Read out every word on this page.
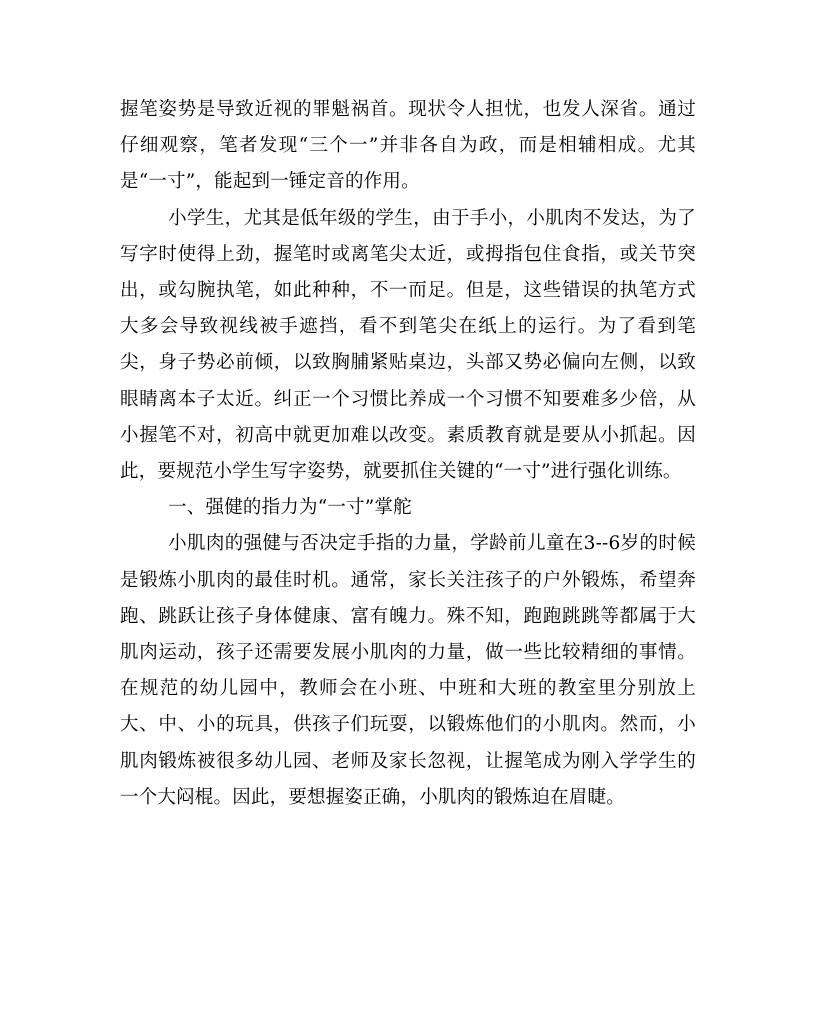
握笔姿势是导致近视的罪魁祸首。现状令人担忧，也发人深省。通过仔细观察，笔者发现“三个一”并非各自为政，而是相辅相成。尤其是“一寸”，能起到一锤定音的作用。

小学生，尤其是低年级的学生，由于手小，小肌肉不发达，为了写字时使得上劲，握笔时或离笔尖太近，或拇指包住食指，或关节突出，或勾腕执笔，如此种种，不一而足。但是，这些错误的执笔方式大多会导致视线被手遮挡，看不到笔尖在纸上的运行。为了看到笔尖，身子势必前倾，以致胸脯紧贴桌边，头部又势必偏向左侧，以致眼睛离本子太近。纠正一个习惯比养成一个习惯不知要难多少倍，从小握笔不对，初高中就更加难以改变。素质教育就是要从小抓起。因此，要规范小学生写字姿势，就要抓住关键的“一寸”进行强化训练。

一、强健的指力为“一寸”掌舵

小肌肉的强健与否决定手指的力量，学龄前儿童在3--6岁的时候是锻炼小肌肉的最佳时机。通常，家长关注孩子的户外锻炼，希望奔跑、跳跃让孩子身体健康、富有魄力。殊不知，跑跑跳跳等都属于大肌肉运动，孩子还需要发展小肌肉的力量，做一些比较精细的事情。在规范的幼儿园中，教师会在小班、中班和大班的教室里分别放上大、中、小的玩具，供孩子们玩耍，以锻炼他们的小肌肉。然而，小肌肉锻炼被很多幼儿园、老师及家长忽视，让握笔成为刚入学学生的一个大闷棍。因此，要想握姿正确，小肌肉的锻炼迫在眉睫。
